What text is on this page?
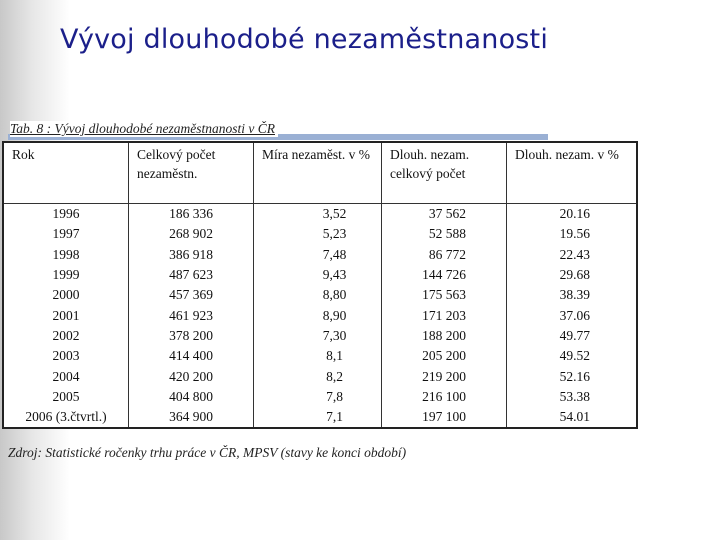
Vývoj dlouhodobé nezaměstnanosti
Tab. 8 : Vývoj dlouhodobé nezaměstnanosti v ČR
Rok	Celkový počet nezaměstn.	Míra nezaměst. v %	Dlouh. nezam. celkový počet	Dlouh. nezam. v %
1996	186 336	3,52	37 562	20.16
1997	268 902	5,23	52 588	19.56
1998	386 918	7,48	86 772	22.43
1999	487 623	9,43	144 726	29.68
2000	457 369	8,80	175 563	38.39
2001	461 923	8,90	171 203	37.06
2002	378 200	7,30	188 200	49.77
2003	414 400	8,1	205 200	49.52
2004	420 200	8,2	219 200	52.16
2005	404 800	7,8	216 100	53.38
2006 (3.čtvrtl.)	364 900	7,1	197 100	54.01
Zdroj: Statistické ročenky trhu práce v ČR, MPSV (stavy ke konci období)
